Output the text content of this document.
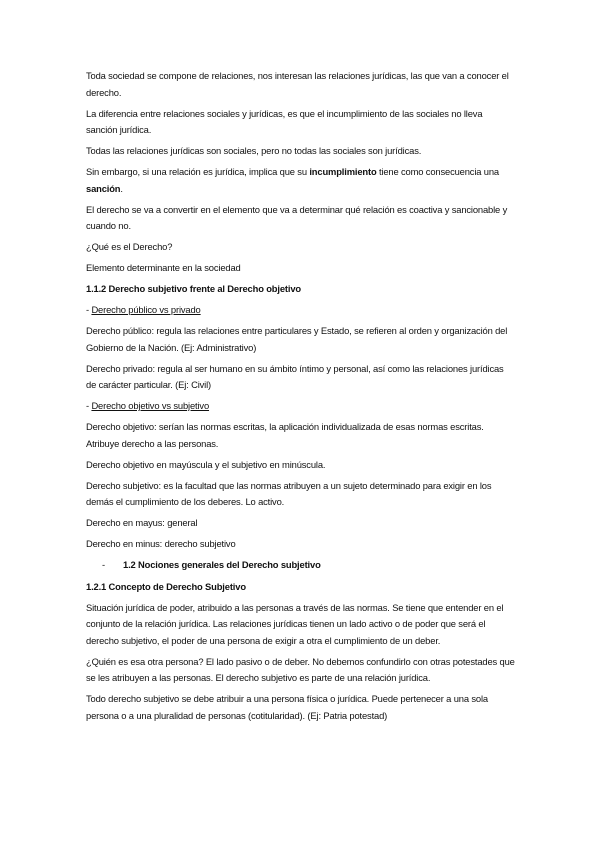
Toda sociedad se compone de relaciones, nos interesan las relaciones jurídicas, las que van a conocer el derecho.

La diferencia entre relaciones sociales y jurídicas, es que el incumplimiento de las sociales no lleva sanción jurídica.

Todas las relaciones jurídicas son sociales, pero no todas las sociales son jurídicas.

Sin embargo, si una relación es jurídica, implica que su incumplimiento tiene como consecuencia una sanción.

El derecho se va a convertir en el elemento que va a determinar qué relación es coactiva y sancionable y cuando no.

¿Qué es el Derecho?

Elemento determinante en la sociedad

1.1.2 Derecho subjetivo frente al Derecho objetivo

- Derecho público vs privado

Derecho público: regula las relaciones entre particulares y Estado, se refieren al orden y organización del Gobierno de la Nación. (Ej: Administrativo)

Derecho privado: regula al ser humano en su ámbito íntimo y personal, así como las relaciones jurídicas de carácter particular. (Ej: Civil)

- Derecho objetivo vs subjetivo

Derecho objetivo: serían las normas escritas, la aplicación individualizada de esas normas escritas. Atribuye derecho a las personas.

Derecho objetivo en mayúscula y el subjetivo en minúscula.

Derecho subjetivo: es la facultad que las normas atribuyen a un sujeto determinado para exigir en los demás el cumplimiento de los deberes. Lo activo.

Derecho en mayus: general

Derecho en minus: derecho subjetivo

- 1.2 Nociones generales del Derecho subjetivo

1.2.1 Concepto de Derecho Subjetivo

Situación jurídica de poder, atribuido a las personas a través de las normas. Se tiene que entender en el conjunto de la relación jurídica. Las relaciones jurídicas tienen un lado activo o de poder que será el derecho subjetivo, el poder de una persona de exigir a otra el cumplimiento de un deber.

¿Quién es esa otra persona? El lado pasivo o de deber. No debemos confundirlo con otras potestades que se les atribuyen a las personas. El derecho subjetivo es parte de una relación jurídica.

Todo derecho subjetivo se debe atribuir a una persona física o jurídica. Puede pertenecer a una sola persona o a una pluralidad de personas (cotitularidad). (Ej: Patria potestad)
